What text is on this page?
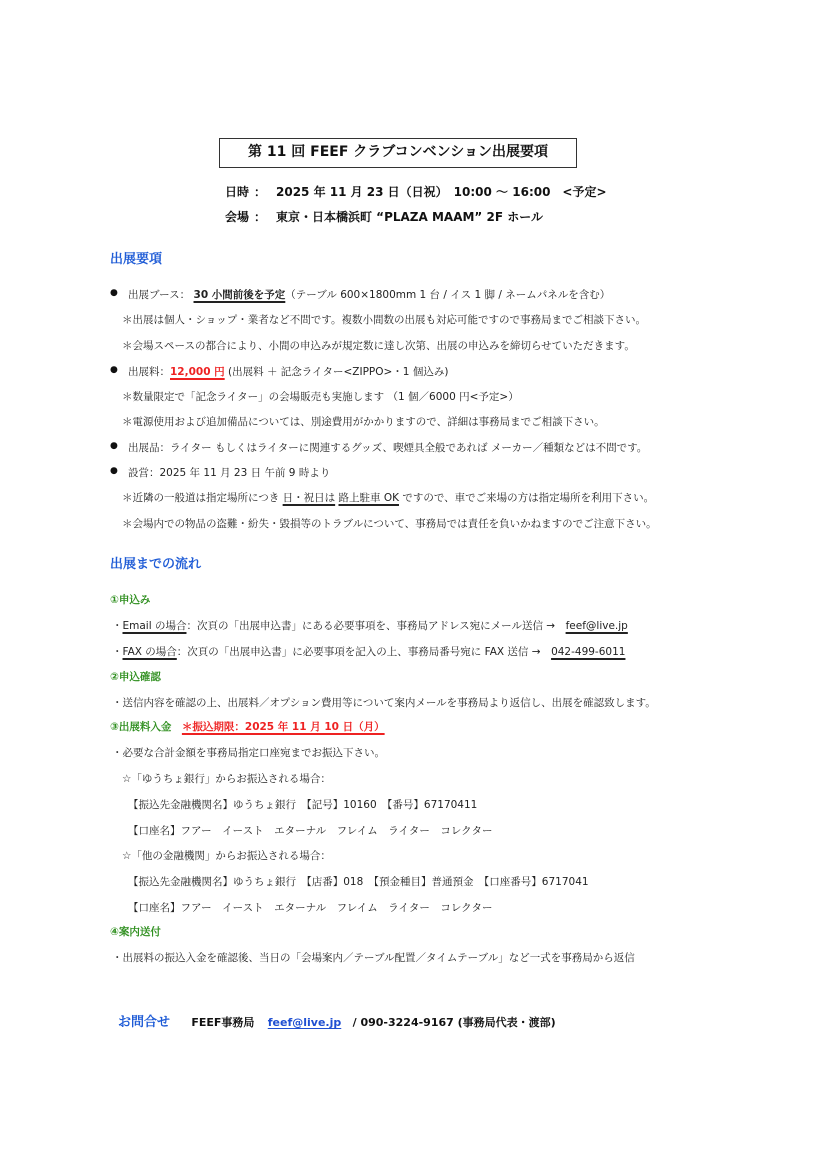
第 11 回 FEEF クラブコンベンション出展要項
日時 ： 2025 年 11 月 23 日（日祝）　10:00 ～ 16:00　<予定>
会場 ： 東京・日本橋浜町 “PLAZA MAAM” 2F ホール
出展要項
● 出展ブース： 30 小間前後を予定（テーブル 600×1800mm 1 台 / イス 1 脚 / ネームパネルを含む）
＊出展は個人・ショップ・業者など不問です。複数小間数の出展も対応可能ですので事務局までご相談下さい。
＊会場スペースの都合により、小間の申込みが規定数に達し次第、出展の申込みを締切らせていただきます。
● 出展料：12,000 円 (出展料 ＋ 記念ライター<ZIPPO>・1 個込み)
＊数量限定で「記念ライター」の会場販売も実施します （1 個／6000 円<予定>）
＊電源使用および追加備品については、別途費用がかかりますので、詳細は事務局までご相談下さい。
● 出展品：ライター もしくはライターに関連するグッズ、喫煙具全般であれば メーカー／種類などは不問です。
● 設営：2025 年 11 月 23 日 午前 9 時より
＊近隣の一般道は指定場所につき 日・祝日は 路上駐車 OK ですので、車でご来場の方は指定場所を利用下さい。
＊会場内での物品の盗難・紛失・毀損等のトラブルについて、事務局では責任を負いかねますのでご注意下さい。
出展までの流れ
①申込み
・Email の場合：次頁の「出展申込書」にある必要事項を、事務局アドレス宛にメール送信 →　 feef@live.jp
・FAX の場合：次頁の「出展申込書」に必要事項を記入の上、事務局番号宛に FAX 送信 →　 042-499-6011
②申込確認
・送信内容を確認の上、出展料／オプション費用等について案内メールを事務局より返信し、出展を確認致します。
③出展料入金　 ＊振込期限：2025 年 11 月 10 日（月）
・必要な合計金額を事務局指定口座宛までお振込下さい。
☆「ゆうちょ銀行」からお振込される場合：
【振込先金融機関名】ゆうちょ銀行　【記号】10160　【番号】67170411
【口座名】フアー　イースト　エターナル　フレイム　ライター　コレクター
☆「他の金融機関」からお振込される場合：
【振込先金融機関名】ゆうちょ銀行　【店番】018　【預金種目】普通預金　【口座番号】6717041
【口座名】フアー　イースト　エターナル　フレイム　ライター　コレクター
④案内送付
・出展料の振込入金を確認後、当日の「会場案内／テーブル配置／タイムテーブル」など一式を事務局から返信
お問合せ FEEF事務局 feef@live.jp / 090-3224-9167 (事務局代表・渡部)
